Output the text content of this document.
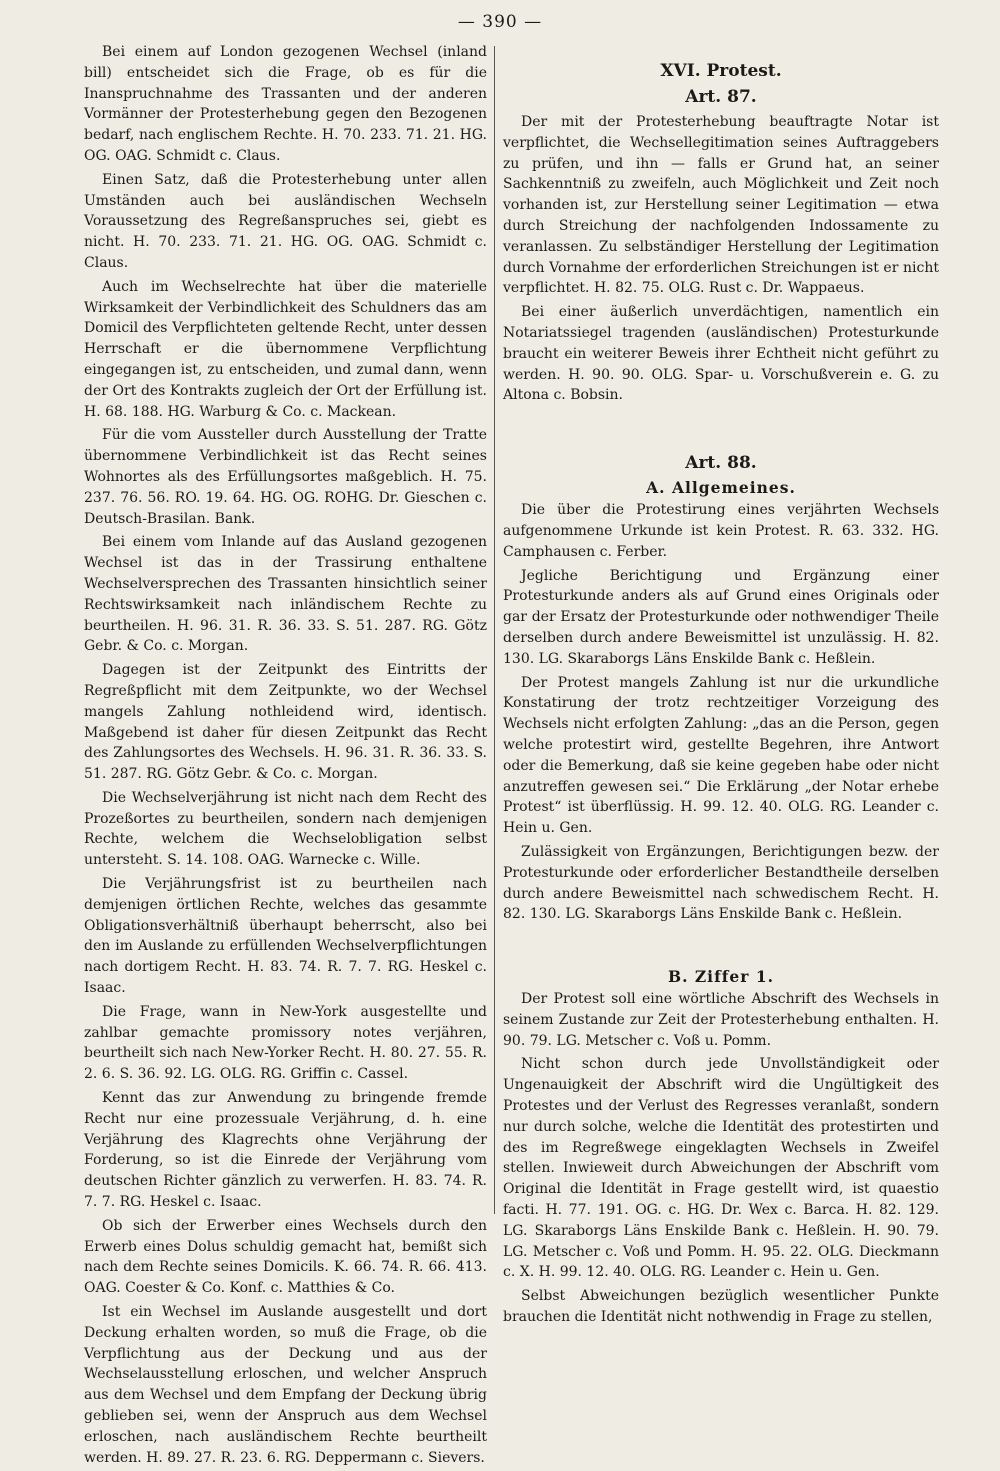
— 390 —

Bei einem auf London gezogenen Wechsel (inland bill) entscheidet sich die Frage, ob es für die Inanspruchnahme des Trassanten und der anderen Vormänner der Protesterhebung gegen den Bezogenen bedarf, nach englischem Rechte. H. 70. 233. 71. 21. HG. OG. OAG. Schmidt c. Claus.

Einen Satz, daß die Protesterhebung unter allen Umständen auch bei ausländischen Wechseln Voraussetzung des Regreßanspruches sei, giebt es nicht. H. 70. 233. 71. 21. HG. OG. OAG. Schmidt c. Claus.

Auch im Wechselrechte hat über die materielle Wirksamkeit der Verbindlichkeit des Schuldners das am Domicil des Verpflichteten geltende Recht, unter dessen Herrschaft er die übernommene Verpflichtung eingegangen ist, zu entscheiden, und zumal dann, wenn der Ort des Kontrakts zugleich der Ort der Erfüllung ist. H. 68. 188. HG. Warburg & Co. c. Mackean.

Für die vom Aussteller durch Ausstellung der Tratte übernommene Verbindlichkeit ist das Recht seines Wohnortes als des Erfüllungsortes maßgeblich. H. 75. 237. 76. 56. RO. 19. 64. HG. OG. ROHG. Dr. Gieschen c. Deutsch-Brasilan. Bank.

Bei einem vom Inlande auf das Ausland gezogenen Wechsel ist das in der Trassirung enthaltene Wechselversprechen des Trassanten hinsichtlich seiner Rechtswirksamkeit nach inländischem Rechte zu beurtheilen. H. 96. 31. R. 36. 33. S. 51. 287. RG. Götz Gebr. & Co. c. Morgan.

Dagegen ist der Zeitpunkt des Eintritts der Regreßpflicht mit dem Zeitpunkte, wo der Wechsel mangels Zahlung nothleidend wird, identisch. Maßgebend ist daher für diesen Zeitpunkt das Recht des Zahlungsortes des Wechsels. H. 96. 31. R. 36. 33. S. 51. 287. RG. Götz Gebr. & Co. c. Morgan.

Die Wechselverjährung ist nicht nach dem Recht des Prozeßortes zu beurtheilen, sondern nach demjenigen Rechte, welchem die Wechselobligation selbst untersteht. S. 14. 108. OAG. Warnecke c. Wille.

Die Verjährungsfrist ist zu beurtheilen nach demjenigen örtlichen Rechte, welches das gesammte Obligationsverhältniß überhaupt beherrscht, also bei den im Auslande zu erfüllenden Wechselverpflichtungen nach dortigem Recht. H. 83. 74. R. 7. 7. RG. Heskel c. Isaac.

Die Frage, wann in New-York ausgestellte und zahlbar gemachte promissory notes verjähren, beurtheilt sich nach New-Yorker Recht. H. 80. 27. 55. R. 2. 6. S. 36. 92. LG. OLG. RG. Griffin c. Cassel.

Kennt das zur Anwendung zu bringende fremde Recht nur eine prozessuale Verjährung, d. h. eine Verjährung des Klagrechts ohne Verjährung der Forderung, so ist die Einrede der Verjährung vom deutschen Richter gänzlich zu verwerfen. H. 83. 74. R. 7. 7. RG. Heskel c. Isaac.

Ob sich der Erwerber eines Wechsels durch den Erwerb eines Dolus schuldig gemacht hat, bemißt sich nach dem Rechte seines Domicils. K. 66. 74. R. 66. 413. OAG. Coester & Co. Konf. c. Matthies & Co.

Ist ein Wechsel im Auslande ausgestellt und dort Deckung erhalten worden, so muß die Frage, ob die Verpflichtung aus der Deckung und aus der Wechselausstellung erloschen, und welcher Anspruch aus dem Wechsel und dem Empfang der Deckung übrig geblieben sei, wenn der Anspruch aus dem Wechsel erloschen, nach ausländischem Rechte beurtheilt werden. H. 89. 27. R. 23. 6. RG. Deppermann c. Sievers.

XVI. Protest.
Art. 87.

Der mit der Protesterhebung beauftragte Notar ist verpflichtet, die Wechsellegitimation seines Auftraggebers zu prüfen, und ihn — falls er Grund hat, an seiner Sachkenntniß zu zweifeln, auch Möglichkeit und Zeit noch vorhanden ist, zur Herstellung seiner Legitimation — etwa durch Streichung der nachfolgenden Indossamente zu veranlassen. Zu selbständiger Herstellung der Legitimation durch Vornahme der erforderlichen Streichungen ist er nicht verpflichtet. H. 82. 75. OLG. Rust c. Dr. Wappaeus.

Bei einer äußerlich unverdächtigen, namentlich ein Notariatssiegel tragenden (ausländischen) Protesturkunde braucht ein weiterer Beweis ihrer Echtheit nicht geführt zu werden. H. 90. 90. OLG. Spar- u. Vorschußverein e. G. zu Altona c. Bobsin.

Art. 88.
A. Allgemeines.

Die über die Protestirung eines verjährten Wechsels aufgenommene Urkunde ist kein Protest. R. 63. 332. HG. Camphausen c. Ferber.

Jegliche Berichtigung und Ergänzung einer Protesturkunde anders als auf Grund eines Originals oder gar der Ersatz der Protesturkunde oder nothwendiger Theile derselben durch andere Beweismittel ist unzulässig. H. 82. 130. LG. Skaraborgs Läns Enskilde Bank c. Heßlein.

Der Protest mangels Zahlung ist nur die urkundliche Konstatirung der trotz rechtzeitiger Vorzeigung des Wechsels nicht erfolgten Zahlung: „das an die Person, gegen welche protestirt wird, gestellte Begehren, ihre Antwort oder die Bemerkung, daß sie keine gegeben habe oder nicht anzutreffen gewesen sei.“ Die Erklärung „der Notar erhebe Protest“ ist überflüssig. H. 99. 12. 40. OLG. RG. Leander c. Hein u. Gen.

Zulässigkeit von Ergänzungen, Berichtigungen bezw. der Protesturkunde oder erforderlicher Bestandtheile derselben durch andere Beweismittel nach schwedischem Recht. H. 82. 130. LG. Skaraborgs Läns Enskilde Bank c. Heßlein.

B. Ziffer 1.

Der Protest soll eine wörtliche Abschrift des Wechsels in seinem Zustande zur Zeit der Protesterhebung enthalten. H. 90. 79. LG. Metscher c. Voß u. Pomm.

Nicht schon durch jede Unvollständigkeit oder Ungenauigkeit der Abschrift wird die Ungültigkeit des Protestes und der Verlust des Regresses veranlaßt, sondern nur durch solche, welche die Identität des protestirten und des im Regreßwege eingeklagten Wechsels in Zweifel stellen. Inwieweit durch Abweichungen der Abschrift vom Original die Identität in Frage gestellt wird, ist quaestio facti. H. 77. 191. OG. c. HG. Dr. Wex c. Barca. H. 82. 129. LG. Skaraborgs Läns Enskilde Bank c. Heßlein. H. 90. 79. LG. Metscher c. Voß und Pomm. H. 95. 22. OLG. Dieckmann c. X. H. 99. 12. 40. OLG. RG. Leander c. Hein u. Gen.

Selbst Abweichungen bezüglich wesentlicher Punkte brauchen die Identität nicht nothwendig in Frage zu stellen,
